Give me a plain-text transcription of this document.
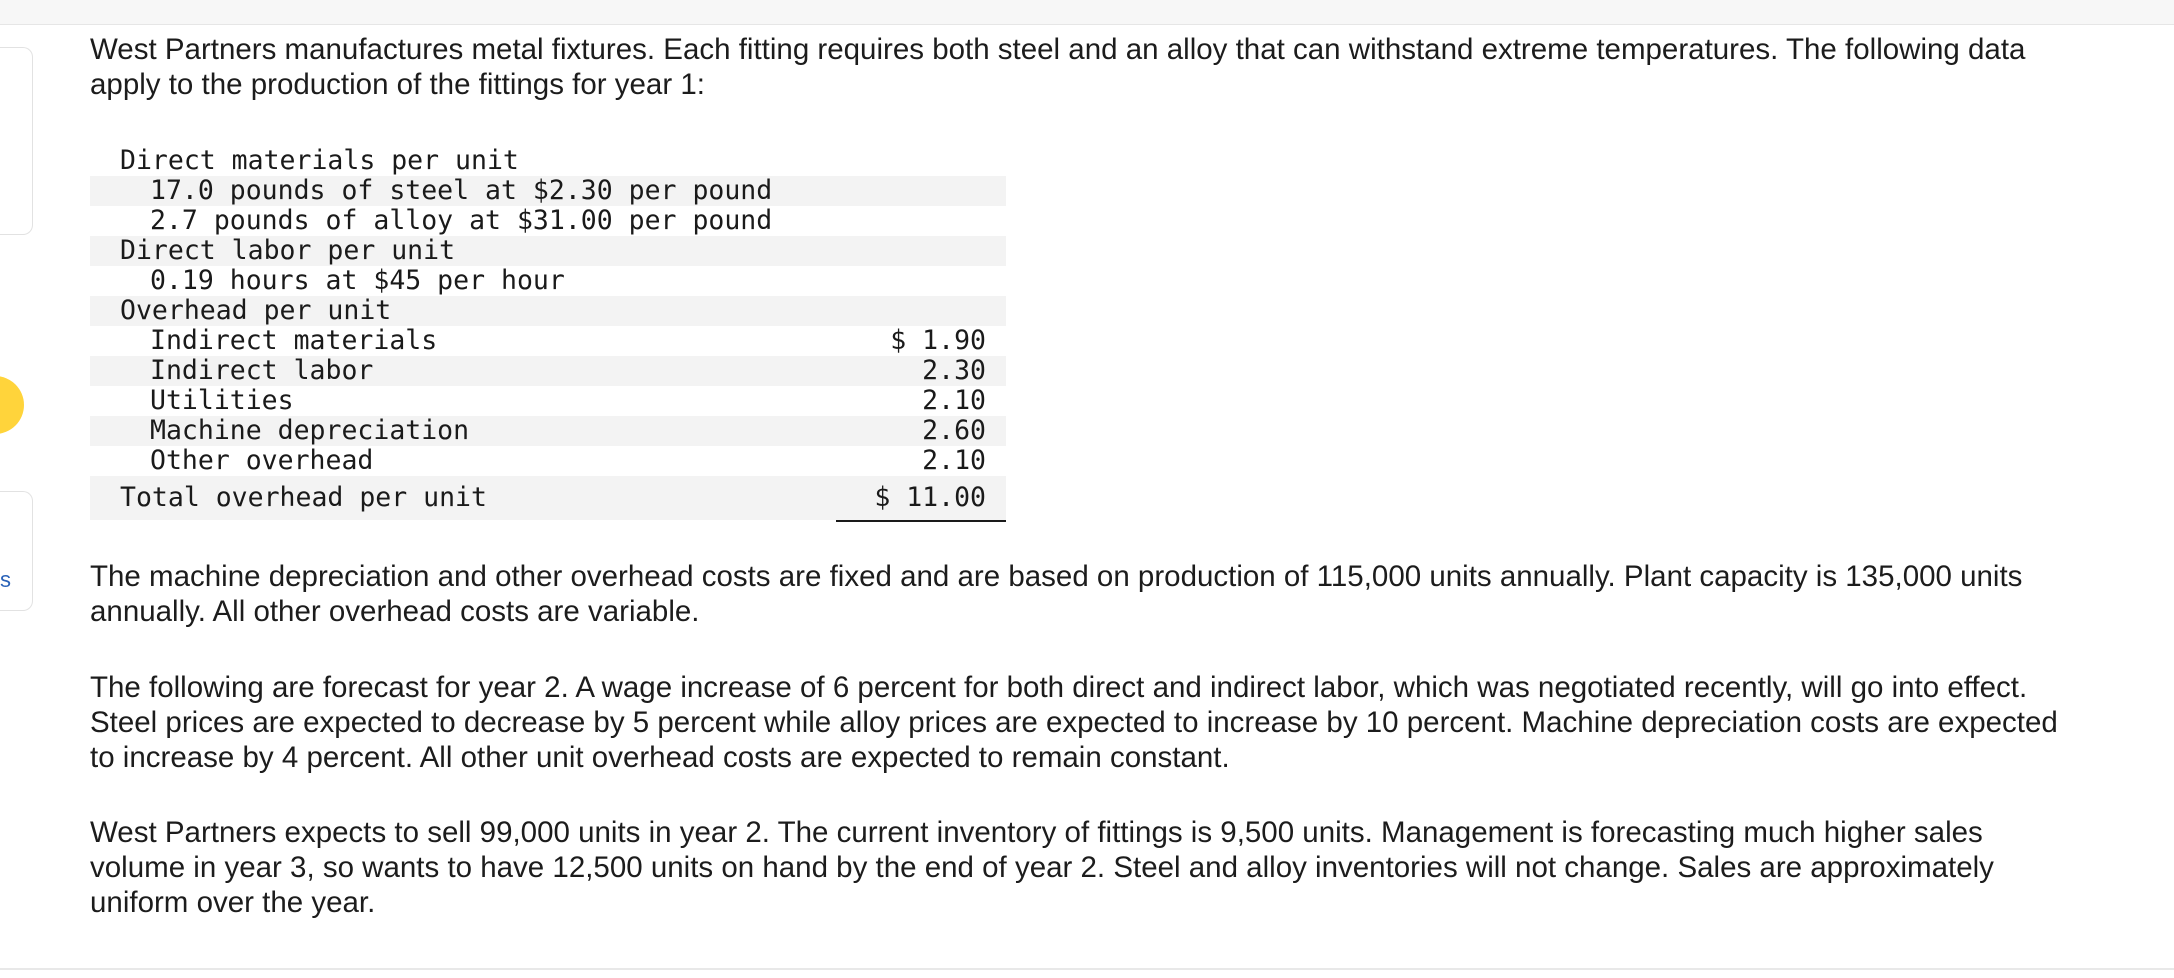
s

West Partners manufactures metal fixtures. Each fitting requires both steel and an alloy that can withstand extreme temperatures. The following data apply to the production of the fittings for year 1:

Direct materials per unit
17.0 pounds of steel at $2.30 per pound
2.7 pounds of alloy at $31.00 per pound
Direct labor per unit
0.19 hours at $45 per hour
Overhead per unit
Indirect materials	$ 1.90
Indirect labor	2.30
Utilities	2.10
Machine depreciation	2.60
Other overhead	2.10
Total overhead per unit	$ 11.00

The machine depreciation and other overhead costs are fixed and are based on production of 115,000 units annually. Plant capacity is 135,000 units annually. All other overhead costs are variable.

The following are forecast for year 2. A wage increase of 6 percent for both direct and indirect labor, which was negotiated recently, will go into effect. Steel prices are expected to decrease by 5 percent while alloy prices are expected to increase by 10 percent. Machine depreciation costs are expected to increase by 4 percent. All other unit overhead costs are expected to remain constant.

West Partners expects to sell 99,000 units in year 2. The current inventory of fittings is 9,500 units. Management is forecasting much higher sales volume in year 3, so wants to have 12,500 units on hand by the end of year 2. Steel and alloy inventories will not change. Sales are approximately uniform over the year.
